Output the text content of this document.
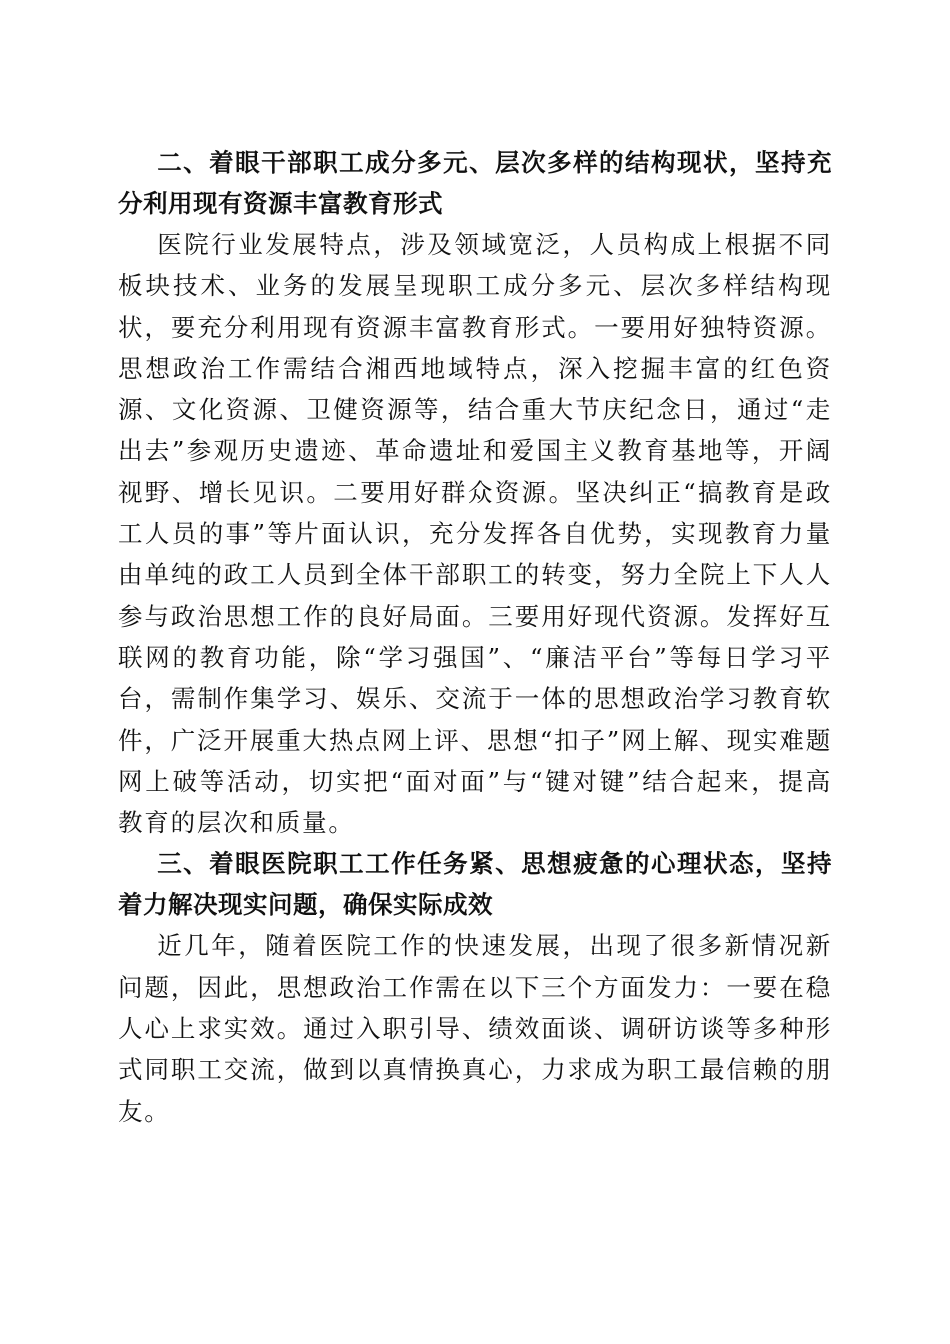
二、着眼干部职工成分多元、层次多样的结构现状，坚持充分利用现有资源丰富教育形式

医院行业发展特点，涉及领域宽泛，人员构成上根据不同板块技术、业务的发展呈现职工成分多元、层次多样结构现状，要充分利用现有资源丰富教育形式。一要用好独特资源。思想政治工作需结合湘西地域特点，深入挖掘丰富的红色资源、文化资源、卫健资源等，结合重大节庆纪念日，通过“走出去”参观历史遗迹、革命遗址和爱国主义教育基地等，开阔视野、增长见识。二要用好群众资源。坚决纠正“搞教育是政工人员的事”等片面认识，充分发挥各自优势，实现教育力量由单纯的政工人员到全体干部职工的转变，努力全院上下人人参与政治思想工作的良好局面。三要用好现代资源。发挥好互联网的教育功能，除“学习强国”、“廉洁平台”等每日学习平台，需制作集学习、娱乐、交流于一体的思想政治学习教育软件，广泛开展重大热点网上评、思想“扣子”网上解、现实难题网上破等活动，切实把“面对面”与“键对键”结合起来，提高教育的层次和质量。

三、着眼医院职工工作任务紧、思想疲惫的心理状态，坚持着力解决现实问题，确保实际成效

近几年，随着医院工作的快速发展，出现了很多新情况新问题，因此，思想政治工作需在以下三个方面发力：一要在稳人心上求实效。通过入职引导、绩效面谈、调研访谈等多种形式同职工交流，做到以真情换真心，力求成为职工最信赖的朋友。
